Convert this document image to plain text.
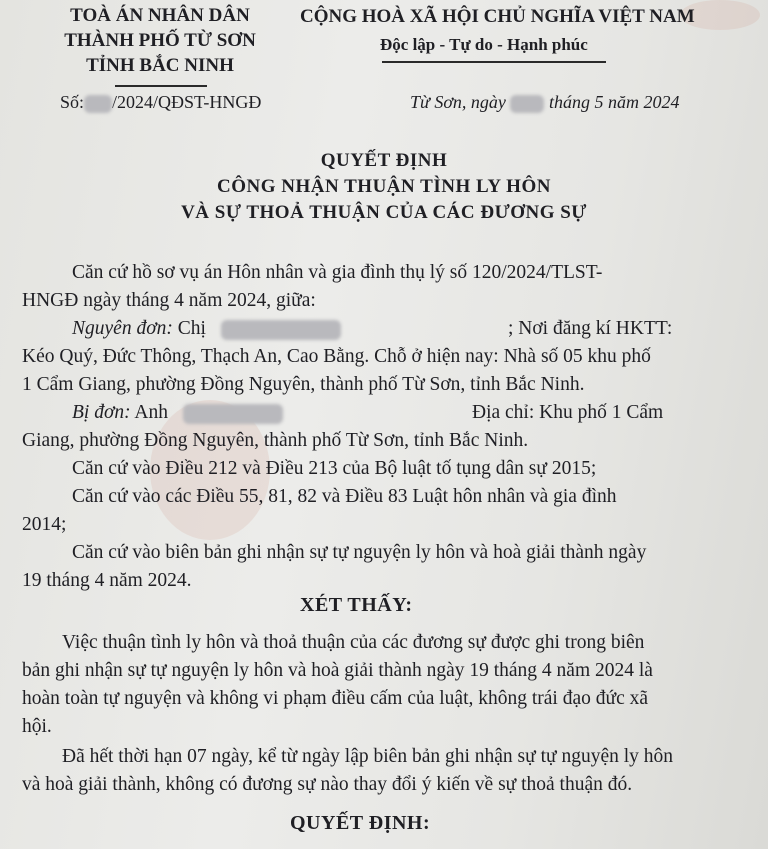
TOÀ ÁN NHÂN DÂN
THÀNH PHỐ TỪ SƠN
TỈNH BẮC NINH
CỘNG HOÀ XÃ HỘI CHỦ NGHĨA VIỆT NAM
Độc lập - Tự do - Hạnh phúc
Số: /2024/QĐST-HNGĐ	Từ Sơn, ngày tháng 5 năm 2024
QUYẾT ĐỊNH
CÔNG NHẬN THUẬN TÌNH LY HÔN
VÀ SỰ THOẢ THUẬN CỦA CÁC ĐƯƠNG SỰ
Căn cứ hồ sơ vụ án Hôn nhân và gia đình thụ lý số 120/2024/TLST-
HNGĐ ngày tháng 4 năm 2024, giữa:
Nguyên đơn: Chị	; Nơi đăng kí HKTT:
Kéo Quý, Đức Thông, Thạch An, Cao Bằng. Chỗ ở hiện nay: Nhà số 05 khu phố
1 Cẩm Giang, phường Đồng Nguyên, thành phố Từ Sơn, tỉnh Bắc Ninh.
Bị đơn: Anh	Địa chỉ: Khu phố 1 Cẩm
Giang, phường Đồng Nguyên, thành phố Từ Sơn, tỉnh Bắc Ninh.
Căn cứ vào Điều 212 và Điều 213 của Bộ luật tố tụng dân sự 2015;
Căn cứ vào các Điều 55, 81, 82 và Điều 83 Luật hôn nhân và gia đình
2014;
Căn cứ vào biên bản ghi nhận sự tự nguyện ly hôn và hoà giải thành ngày
19 tháng 4 năm 2024.
XÉT THẤY:
Việc thuận tình ly hôn và thoả thuận của các đương sự được ghi trong biên
bản ghi nhận sự tự nguyện ly hôn và hoà giải thành ngày 19 tháng 4 năm 2024 là
hoàn toàn tự nguyện và không vi phạm điều cấm của luật, không trái đạo đức xã
hội.
Đã hết thời hạn 07 ngày, kể từ ngày lập biên bản ghi nhận sự tự nguyện ly hôn
và hoà giải thành, không có đương sự nào thay đổi ý kiến về sự thoả thuận đó.
QUYẾT ĐỊNH:
